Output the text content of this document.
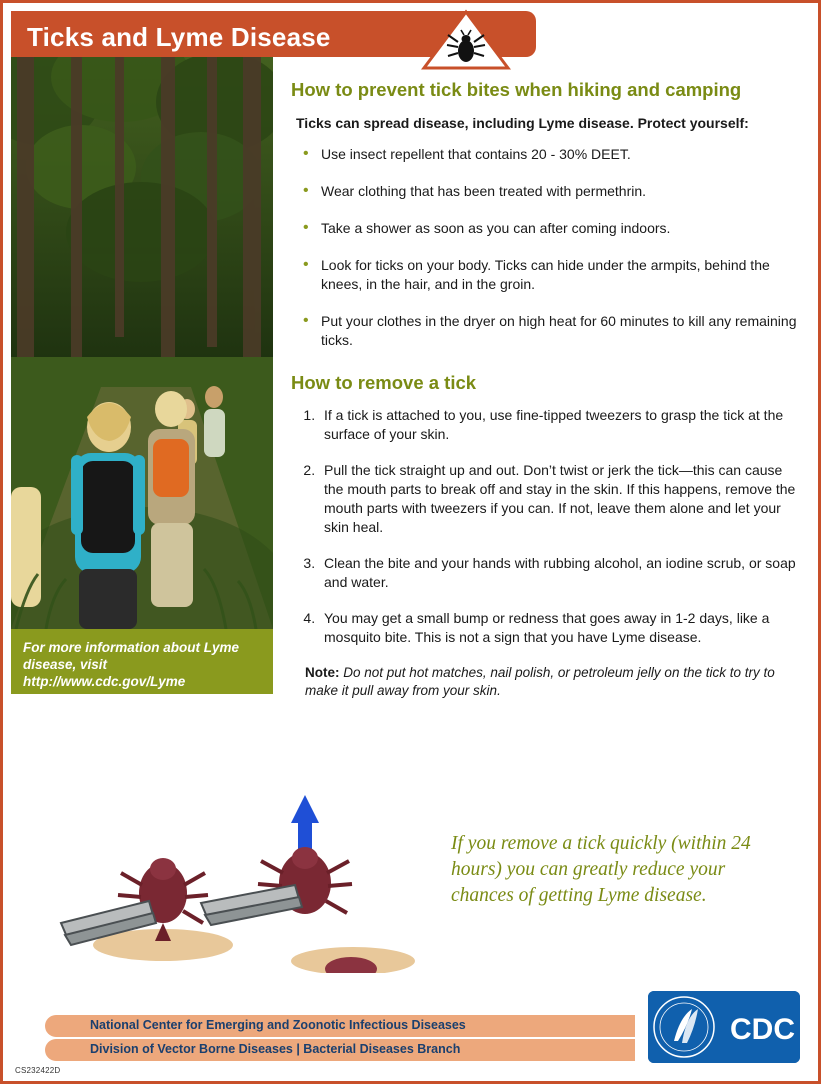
Ticks and Lyme Disease

For more information about Lyme disease, visit http://www.cdc.gov/Lyme

How to prevent tick bites when hiking and camping

Ticks can spread disease, including Lyme disease. Protect yourself:

• Use insect repellent that contains 20 - 30% DEET.
• Wear clothing that has been treated with permethrin.
• Take a shower as soon as you can after coming indoors.
• Look for ticks on your body. Ticks can hide under the armpits, behind the knees, in the hair, and in the groin.
• Put your clothes in the dryer on high heat for 60 minutes to kill any remaining ticks.
How to remove a tick
1. If a tick is attached to you, use fine-tipped tweezers to grasp the tick at the surface of your skin.
2. Pull the tick straight up and out. Don’t twist or jerk the tick—this can cause the mouth parts to break off and stay in the skin. If this happens, remove the mouth parts with tweezers if you can. If not, leave them alone and let your skin heal.
3. Clean the bite and your hands with rubbing alcohol, an iodine scrub, or soap and water.
4. You may get a small bump or redness that goes away in 1-2 days, like a mosquito bite. This is not a sign that you have Lyme disease.

Note: Do not put hot matches, nail polish, or petroleum jelly on the tick to try to make it pull away from your skin.

If you remove a tick quickly (within 24 hours) you can greatly reduce your chances of getting Lyme disease.
National Center for Emerging and Zoonotic Infectious Diseases
Division of Vector Borne Diseases | Bacterial Diseases Branch
CDC
CS232422D
